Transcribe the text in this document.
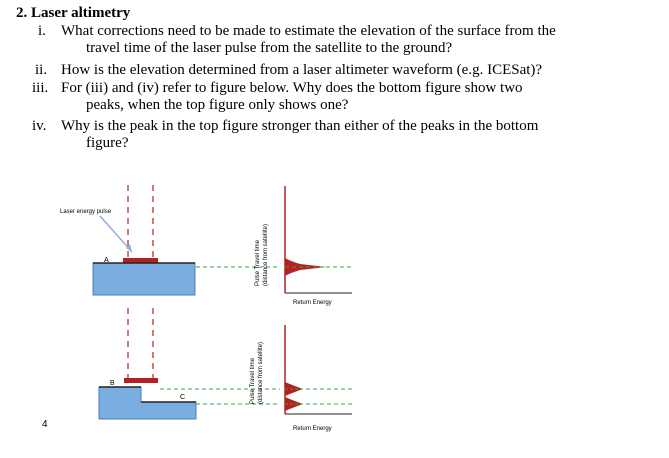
2. Laser altimetry
i. What corrections need to be made to estimate the elevation of the surface from the
travel time of the laser pulse from the satellite to the ground?
ii. How is the elevation determined from a laser altimeter waveform (e.g. ICESat)?
iii. For (iii) and (iv) refer to figure below. Why does the bottom figure show two
peaks, when the top figure only shows one?
iv. Why is the peak in the top figure stronger than either of the peaks in the bottom
figure?
Laser energy pulse
A	Pulse Travel time (distance from satellite)
Return Energy
B
C	Pulse Travel time (distance from satellite)
Return Energy
4
